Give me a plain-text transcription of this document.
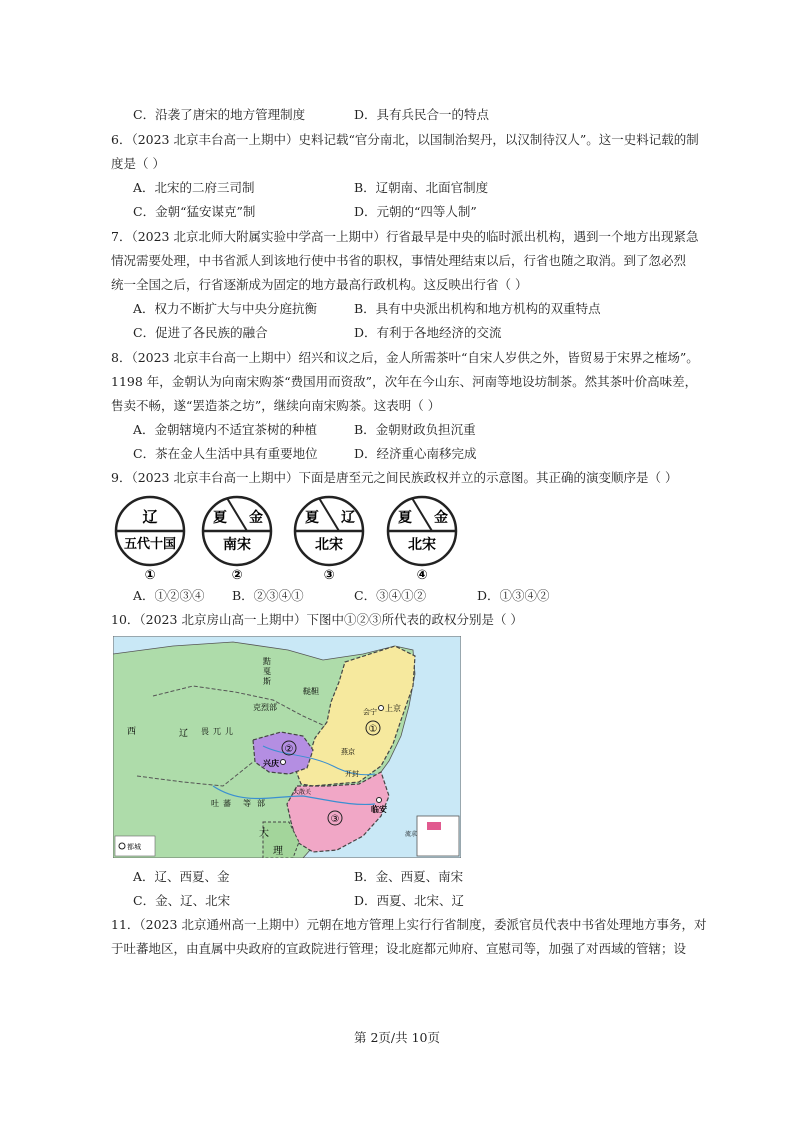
C．沿袭了唐宋的地方管理制度	D．具有兵民合一的特点
6．（2023 北京丰台高一上期中）史料记载“官分南北，以国制治契丹，以汉制待汉人”。这一史料记载的制
度是（ ）
A．北宋的二府三司制	B．辽朝南、北面官制度
C．金朝“猛安谋克”制	D．元朝的“四等人制”
7．（2023 北京北师大附属实验中学高一上期中）行省最早是中央的临时派出机构，遇到一个地方出现紧急
情况需要处理，中书省派人到该地行使中书省的职权，事情处理结束以后，行省也随之取消。到了忽必烈
统一全国之后，行省逐渐成为固定的地方最高行政机构。这反映出行省（ ）
A．权力不断扩大与中央分庭抗衡	B．具有中央派出机构和地方机构的双重特点
C．促进了各民族的融合	D．有利于各地经济的交流
8．（2023 北京丰台高一上期中）绍兴和议之后，金人所需茶叶“自宋人岁供之外，皆贸易于宋界之榷场”。
1198 年，金朝认为向南宋购茶“费国用而资敌”，次年在今山东、河南等地设坊制茶。然其茶叶价高味差，
售卖不畅，遂“罢造茶之坊”，继续向南宋购茶。这表明（ ）
A．金朝辖境内不适宜茶树的种植	B．金朝财政负担沉重
C．茶在金人生活中具有重要地位	D．经济重心南移完成
9．（2023 北京丰台高一上期中）下面是唐至元之间民族政权并立的示意图。其正确的演变顺序是（ ）
辽
五代十国
①
夏 金
南宋
②
夏 辽
北宋
③
夏 金
北宋
④
A．①②③④ B．②③④①	C．③④①②	D．①③④②
10．（2023 北京房山高一上期中）下图中①②③所代表的政权分别是（ ）
都城
黠
戛
斯
鞑靼
克烈部
西	辽 畏 兀 儿
吐 蕃 等 部
会宁 上京
燕京
兴庆
开封
大散关
临安
大
理
流求
①
②
③
A．辽、西夏、金	B．金、西夏、南宋
C．金、辽、北宋	D．西夏、北宋、辽
11．（2023 北京通州高一上期中）元朝在地方管理上实行行省制度，委派官员代表中书省处理地方事务，对
于吐蕃地区，由直属中央政府的宣政院进行管理；设北庭都元帅府、宣慰司等，加强了对西域的管辖；设
第 2页/共 10页
